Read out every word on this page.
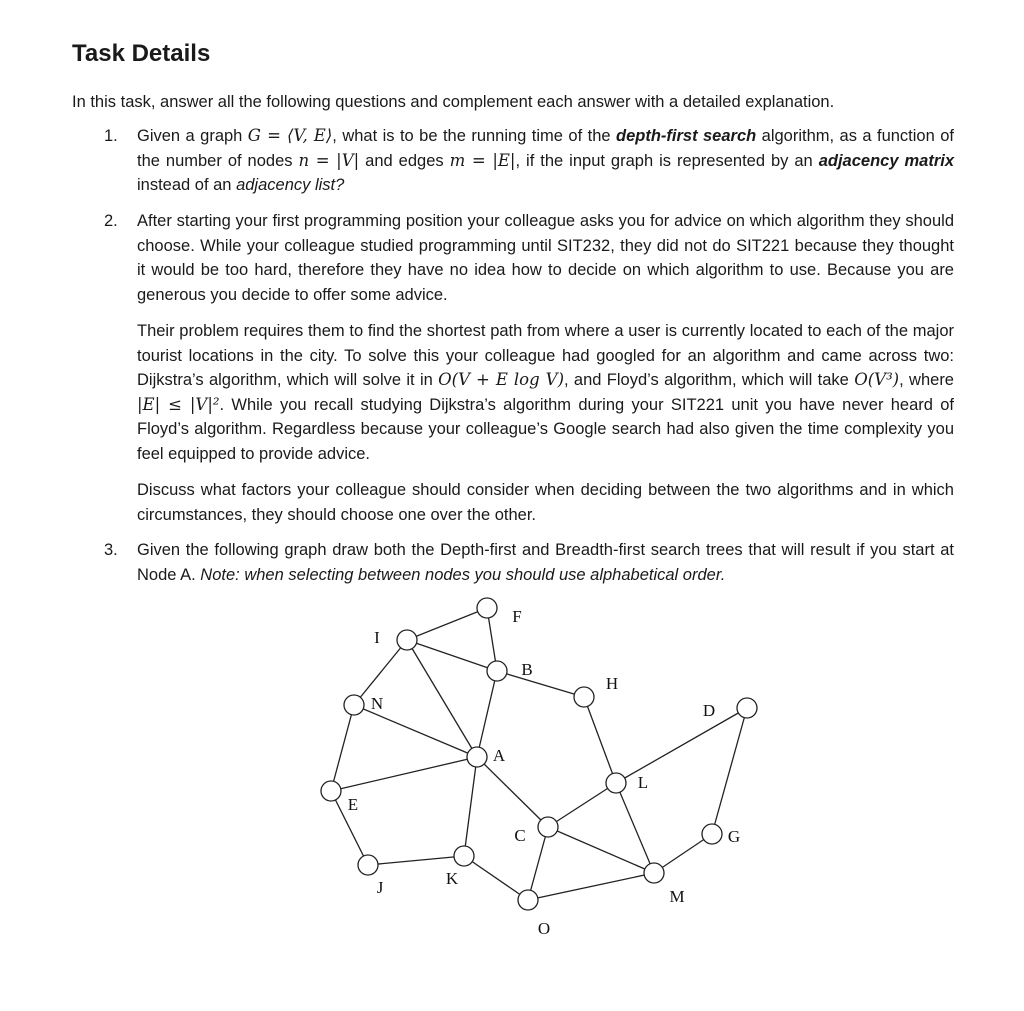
Task Details

In this task, answer all the following questions and complement each answer with a detailed explanation.

1.	Given a graph G = ⟨V, E⟩, what is to be the running time of the depth-first search algorithm, as a function of the number of nodes n = |V| and edges m = |E|, if the input graph is represented by an adjacency matrix instead of an adjacency list?

2.	After starting your first programming position your colleague asks you for advice on which algorithm they should choose. While your colleague studied programming until SIT232, they did not do SIT221 because they thought it would be too hard, therefore they have no idea how to decide on which algorithm to use. Because you are generous you decide to offer some advice.

Their problem requires them to find the shortest path from where a user is currently located to each of the major tourist locations in the city. To solve this your colleague had googled for an algorithm and came across two: Dijkstra’s algorithm, which will solve it in O(V + E log V), and Floyd’s algorithm, which will take O(V³), where |E| ≤ |V|². While you recall studying Dijkstra’s algorithm during your SIT221 unit you have never heard of Floyd’s algorithm. Regardless because your colleague’s Google search had also given the time complexity you feel equipped to provide advice.

Discuss what factors your colleague should consider when deciding between the two algorithms and in which circumstances, they should choose one over the other.

3.	Given the following graph draw both the Depth-first and Breadth-first search trees that will result if you start at Node A. Note: when selecting between nodes you should use alphabetical order.

A
B
C
D
E
F
G
H
I
J	K
L
M
N
O
